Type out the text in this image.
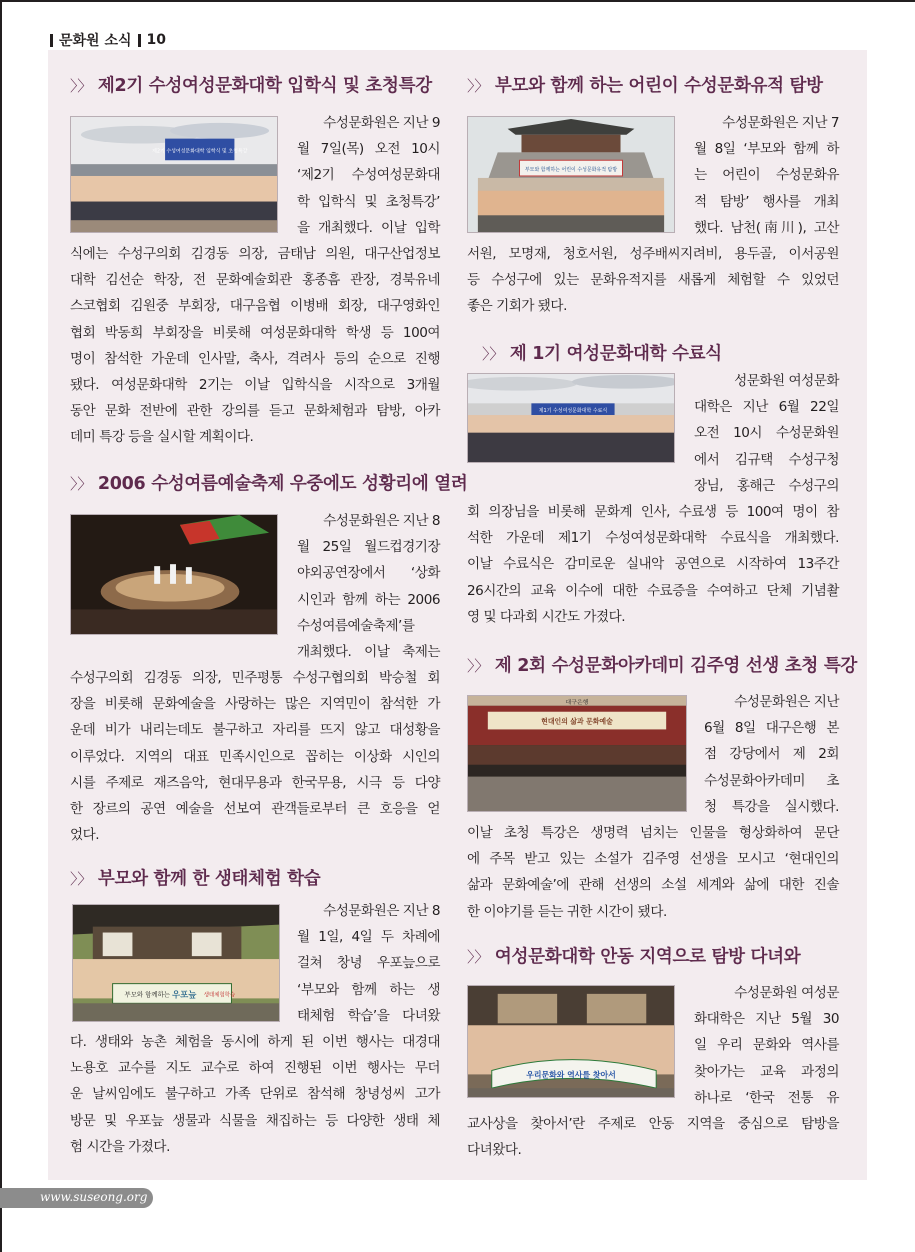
문화원 소식 10
〉〉 제2기 수성여성문화대학 입학식 및 초청특강
제2기 수성여성문화대학 입학식 및 초청특강
수성문화원은 지난 9
월 7일(목) 오전 10시
‘제2기 수성여성문화대
학 입학식 및 초청특강’
을 개최했다. 이날 입학
식에는 수성구의회 김경동 의장, 금태남 의원, 대구산업정보
대학 김선순 학장, 전 문화예술회관 홍종흠 관장, 경북유네
스코협회 김원중 부회장, 대구음협 이병배 회장, 대구영화인
협회 박동희 부회장을 비롯해 여성문화대학 학생 등 100여
명이 참석한 가운데 인사말, 축사, 격려사 등의 순으로 진행
됐다. 여성문화대학 2기는 이날 입학식을 시작으로 3개월
동안 문화 전반에 관한 강의를 듣고 문화체험과 탐방, 아카
데미 특강 등을 실시할 계획이다.
〉〉 2006 수성여름예술축제 우중에도 성황리에 열려
수성문화원은 지난 8
월 25일 월드컵경기장
야외공연장에서 ‘상화
시인과 함께 하는 2006
수성여름예술축제’를
개최했다. 이날 축제는
수성구의회 김경동 의장, 민주평통 수성구협의회 박승철 회
장을 비롯해 문화예술을 사랑하는 많은 지역민이 참석한 가
운데 비가 내리는데도 불구하고 자리를 뜨지 않고 대성황을
이루었다. 지역의 대표 민족시인으로 꼽히는 이상화 시인의
시를 주제로 재즈음악, 현대무용과 한국무용, 시극 등 다양
한 장르의 공연 예술을 선보여 관객들로부터 큰 호응을 얻
었다.
〉〉 부모와 함께 한 생태체험 학습
부모와 함께하는 우포늪 생태체험학습
수성문화원은 지난 8
월 1일, 4일 두 차례에
걸쳐 창녕 우포늪으로
‘부모와 함께 하는 생
태체험 학습’을 다녀왔
다. 생태와 농촌 체험을 동시에 하게 된 이번 행사는 대경대
노용호 교수를 지도 교수로 하여 진행된 이번 행사는 무더
운 날씨임에도 불구하고 가족 단위로 참석해 창녕성씨 고가
방문 및 우포늪 생물과 식물을 채집하는 등 다양한 생태 체
험 시간을 가졌다.
〉〉 부모와 함께 하는 어린이 수성문화유적 탐방
부모와 함께하는 어린이 수성문화유적 탐방
수성문화원은 지난 7
월 8일 ‘부모와 함께 하
는 어린이 수성문화유
적 탐방’ 행사를 개최
했다. 남천(南川), 고산
서원, 모명재, 청호서원, 성주배씨지려비, 용두골, 이서공원
등 수성구에 있는 문화유적지를 새롭게 체험할 수 있었던
좋은 기회가 됐다.
〉〉 제 1기 여성문화대학 수료식
제1기 수성여성문화대학 수료식
성문화원 여성문화
대학은 지난 6월 22일
오전 10시 수성문화원
에서 김규택 수성구청
장님, 홍해근 수성구의
회 의장님을 비롯해 문화계 인사, 수료생 등 100여 명이 참
석한 가운데 제1기 수성여성문화대학 수료식을 개최했다.
이날 수료식은 감미로운 실내악 공연으로 시작하여 13주간
26시간의 교육 이수에 대한 수료증을 수여하고 단체 기념촬
영 및 다과회 시간도 가졌다.
〉〉 제 2회 수성문화아카데미 김주영 선생 초청 특강
대구은행
현대인의 삶과 문화예술
수성문화원은 지난
6월 8일 대구은행 본
점 강당에서 제 2회
수성문화아카데미 초
청 특강을 실시했다.
이날 초청 특강은 생명력 넘치는 인물을 형상화하여 문단
에 주목 받고 있는 소설가 김주영 선생을 모시고 ‘현대인의
삶과 문화예술’에 관해 선생의 소설 세계와 삶에 대한 진솔
한 이야기를 듣는 귀한 시간이 됐다.
〉〉 여성문화대학 안동 지역으로 탐방 다녀와
우리문화와 역사를 찾아서
수성문화원 여성문
화대학은 지난 5월 30
일 우리 문화와 역사를
찾아가는 교육 과정의
하나로 ‘한국 전통 유
교사상을 찾아서’란 주제로 안동 지역을 중심으로 탐방을
다녀왔다.
www.suseong.org
